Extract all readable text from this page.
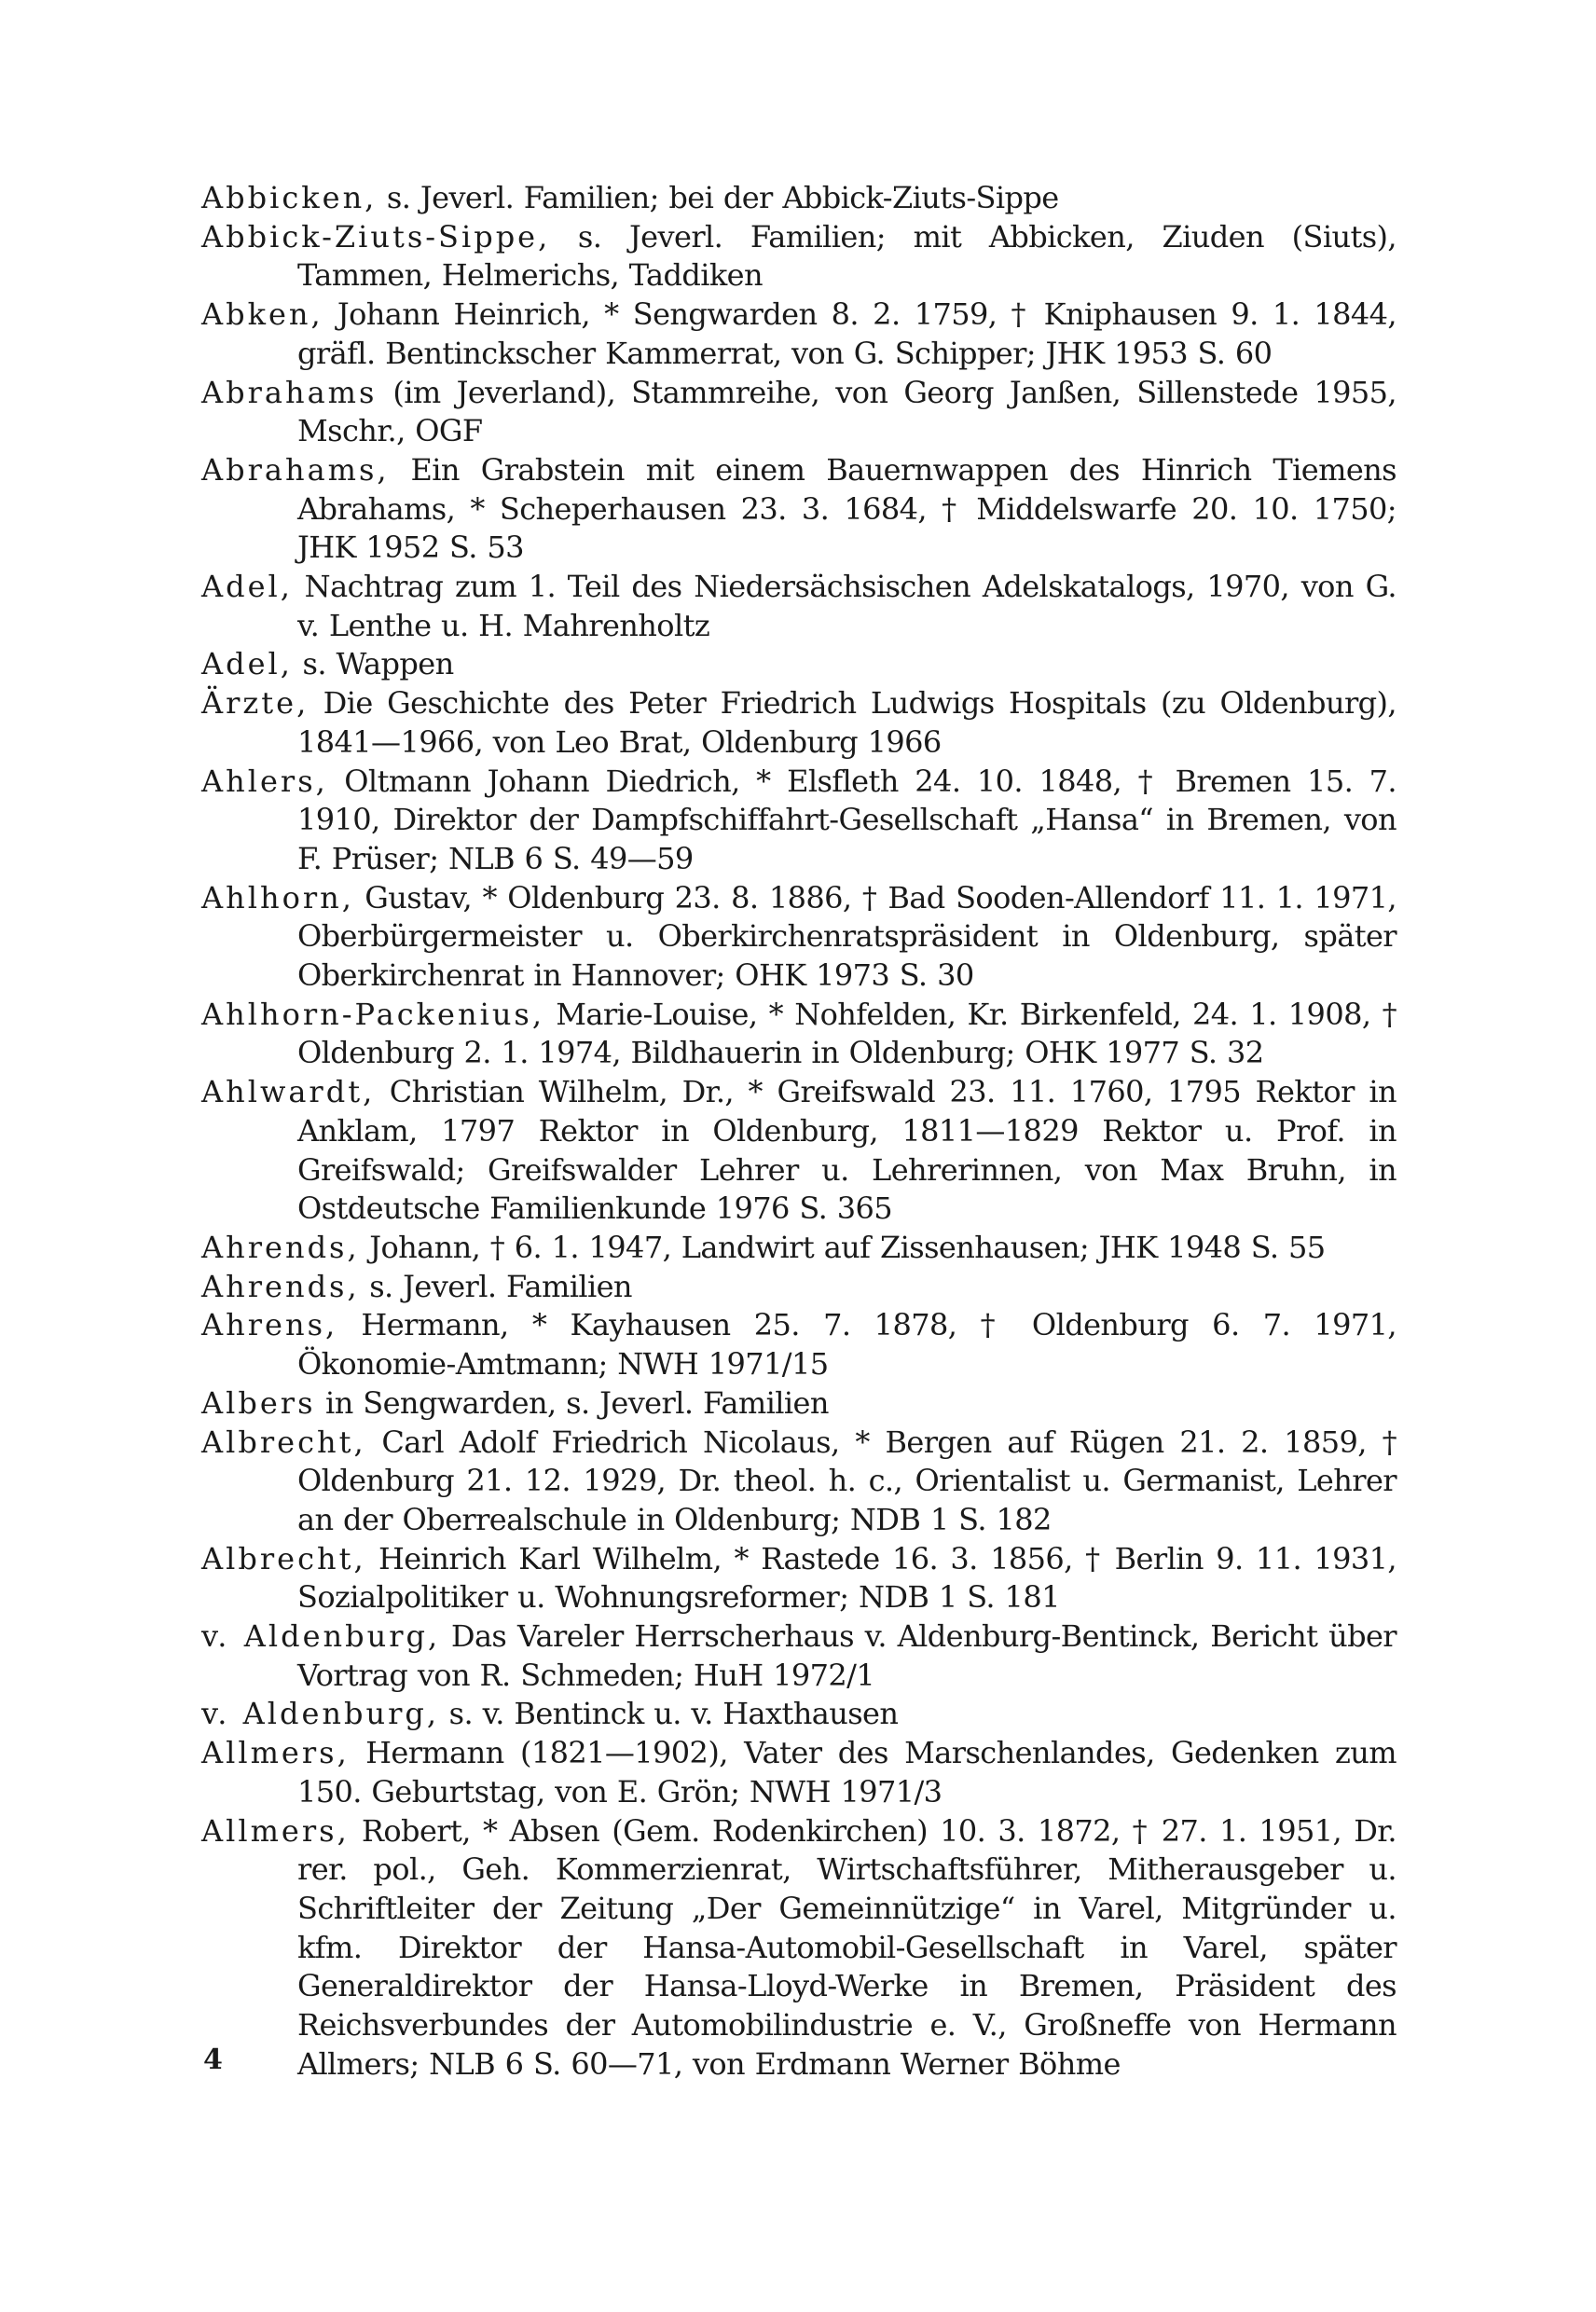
Abbicken, s. Jeverl. Familien; bei der Abbick-Ziuts-Sippe

Abbick-Ziuts-Sippe, s. Jeverl. Familien; mit Abbicken, Ziuden (Siuts), Tammen, Helmerichs, Taddiken

Abken, Johann Heinrich, * Sengwarden 8. 2. 1759, † Kniphausen 9. 1. 1844, gräfl. Bentinckscher Kammerrat, von G. Schipper; JHK 1953 S. 60

Abrahams (im Jeverland), Stammreihe, von Georg Janßen, Sillenstede 1955, Mschr., OGF

Abrahams, Ein Grabstein mit einem Bauernwappen des Hinrich Tiemens Abrahams, * Scheperhausen 23. 3. 1684, † Middelswarfe 20. 10. 1750; JHK 1952 S. 53

Adel, Nachtrag zum 1. Teil des Niedersächsischen Adelskatalogs, 1970, von G. v. Lenthe u. H. Mahrenholtz

Adel, s. Wappen

Ärzte, Die Geschichte des Peter Friedrich Ludwigs Hospitals (zu Oldenburg), 1841—1966, von Leo Brat, Oldenburg 1966

Ahlers, Oltmann Johann Diedrich, * Elsfleth 24. 10. 1848, † Bremen 15. 7. 1910, Direktor der Dampfschiffahrt-Gesellschaft „Hansa“ in Bremen, von F. Prüser; NLB 6 S. 49—59

Ahlhorn, Gustav, * Oldenburg 23. 8. 1886, † Bad Sooden-Allendorf 11. 1. 1971, Oberbürgermeister u. Oberkirchenratspräsident in Oldenburg, später Oberkirchenrat in Hannover; OHK 1973 S. 30

Ahlhorn-Packenius, Marie-Louise, * Nohfelden, Kr. Birkenfeld, 24. 1. 1908, † Oldenburg 2. 1. 1974, Bildhauerin in Oldenburg; OHK 1977 S. 32

Ahlwardt, Christian Wilhelm, Dr., * Greifswald 23. 11. 1760, 1795 Rektor in Anklam, 1797 Rektor in Oldenburg, 1811—1829 Rektor u. Prof. in Greifswald; Greifswalder Lehrer u. Lehrerinnen, von Max Bruhn, in Ostdeutsche Familienkunde 1976 S. 365

Ahrends, Johann, † 6. 1. 1947, Landwirt auf Zissenhausen; JHK 1948 S. 55

Ahrends, s. Jeverl. Familien

Ahrens, Hermann, * Kayhausen 25. 7. 1878, † Oldenburg 6. 7. 1971, Ökonomie-Amtmann; NWH 1971/15

Albers in Sengwarden, s. Jeverl. Familien

Albrecht, Carl Adolf Friedrich Nicolaus, * Bergen auf Rügen 21. 2. 1859, † Oldenburg 21. 12. 1929, Dr. theol. h. c., Orientalist u. Germanist, Lehrer an der Oberrealschule in Oldenburg; NDB 1 S. 182

Albrecht, Heinrich Karl Wilhelm, * Rastede 16. 3. 1856, † Berlin 9. 11. 1931, Sozialpolitiker u. Wohnungsreformer; NDB 1 S. 181

v. Aldenburg, Das Vareler Herrscherhaus v. Aldenburg-Bentinck, Bericht über Vortrag von R. Schmeden; HuH 1972/1

v. Aldenburg, s. v. Bentinck u. v. Haxthausen

Allmers, Hermann (1821—1902), Vater des Marschenlandes, Gedenken zum 150. Geburtstag, von E. Grön; NWH 1971/3

Allmers, Robert, * Absen (Gem. Rodenkirchen) 10. 3. 1872, † 27. 1. 1951, Dr. rer. pol., Geh. Kommerzienrat, Wirtschaftsführer, Mitherausgeber u. Schriftleiter der Zeitung „Der Gemeinnützige“ in Varel, Mitgründer u. kfm. Direktor der Hansa-Automobil-Gesellschaft in Varel, später Generaldirektor der Hansa-Lloyd-Werke in Bremen, Präsident des Reichsverbundes der Automobilindustrie e. V., Großneffe von Hermann Allmers; NLB 6 S. 60—71, von Erdmann Werner Böhme

4
